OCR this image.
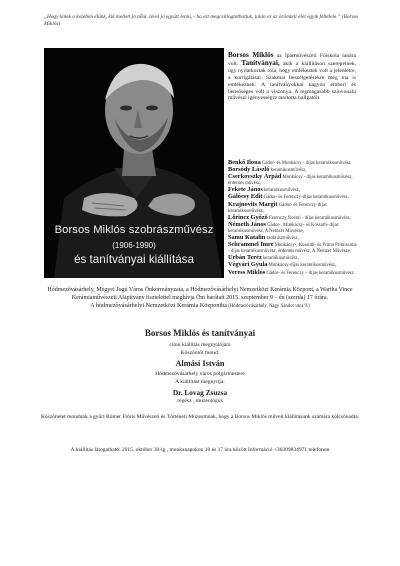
„Hogy kinek a kezében élünk, kik mellett jó nőni, lével jó együtt lenni, - ha ezt megcsillogtathatjuk, talán ez az örömteli élet egyik feltétele.” (Borsos Miklós)
Borsos Miklós szobrászművész
(1906-1990)
és tanítványai kiállítása
Borsos Miklós az Iparművészeti Főiskola tanára volt. Tanítványai, akik a kiállításon szerepelnek, úgy nyilatkoztak róla, hogy emlékeztek volt a jelenlétre, a korrigálásai. Szakmai beszélgetésekre még ma is emlékeznek. A tanítványokkal nagyon emberi és bensőséges volt a viszonya. A legmagasabb színvonalú művészi igényességre tanította hallgatóit.

Benkő Ilona Gádor- és Munkácsy - díjas keramikusművész

Borsódy László keramikusművész,

Cserkovszky Árpád Munkácsy - díjas keramikusművész, érdemes művész,

Fekete János keramikusművész,

Gálócsy Edit Gádor- és Ferenczy-díjas keramikusművész,

Krajnovits Margit Gádor- és Ferenczy-díjas keramikusművész,

Lőrincz Győző Ferenczy Noémi - díjas keramikusművész,

Németh János Gádor-, Munkácsy- és Kossuth- díjas keramikusművész, A Nemzet Művésze,

Samu Katalin szobrászművész,

Schrammel Imre Munkácsy-, Kossuth- és Prima Primissima - díjas keramikusművész, érdemes művész, A Nemzet Művésze,

Urbán Teréz keramikusművész,

Végvári Gyula Munkácsy-díjas keramikusművész,

Veress Miklós Gádor- és Ferenczy – díjas keramikusművész

Hódmezővásárhely, Megyei Jogú Város Önkormányzata, a Hódmezővásárhelyi Nemzetközi Kerámia Központ, a Wartha Vince Kerámiaművészeti Alapítvány tisztelettel meghívja Önt barátait 2015. szeptember 9 – én (szerda) 17 órára.
A hódmezővásárhelyi Nemzetközi Kerámia Központba (Hódmezővásárhely, Nagy Sándor utca 9.)
Borsos Miklós és tanítványai
című kiállítás megnyitójára
Köszöntőt mond:
Almási István
Hódmezővásárhely város polgármestere
A kiállítást megnyitja:
Dr. Lovag Zsuzsa
régész , muzeológus
Köszönetet mondunk a győri Rómer Flóris Művészeti és Történeti Múzeumnak, hogy a Borsos Miklós műveit kiállításunk számára kölcsönadta.
A kiállítás látogatható: 2015. október 30-ig , munkanapokon 10 és 17 óra között Információ +36309834971 telefonon
